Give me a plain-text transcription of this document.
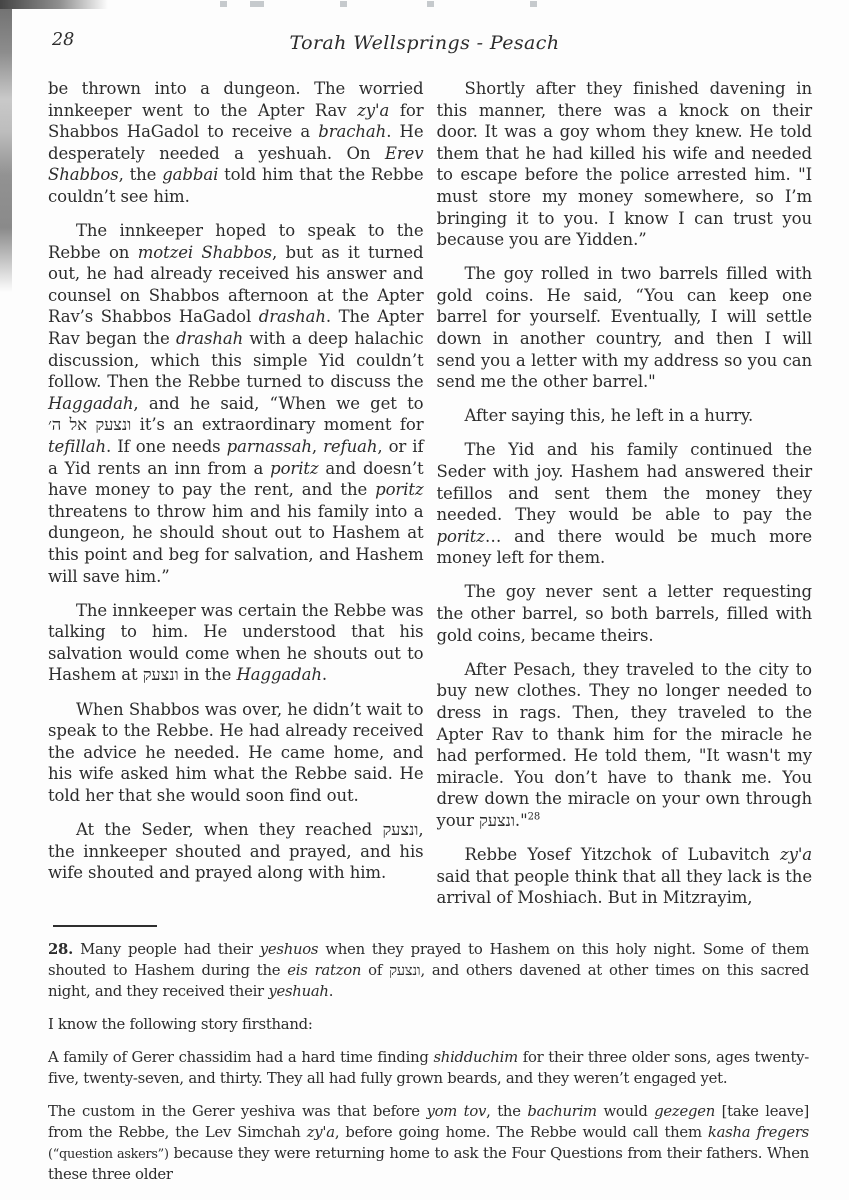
28	Torah Wellsprings - Pesach

be thrown into a dungeon. The worried innkeeper went to the Apter Rav zy'a for Shabbos HaGadol to receive a brachah. He desperately needed a yeshuah. On Erev Shabbos, the gabbai told him that the Rebbe couldn’t see him.

The innkeeper hoped to speak to the Rebbe on motzei Shabbos, but as it turned out, he had already received his answer and counsel on Shabbos afternoon at the Apter Rav’s Shabbos HaGadol drashah. The Apter Rav began the drashah with a deep halachic discussion, which this simple Yid couldn’t follow. Then the Rebbe turned to discuss the Haggadah, and he said, “When we get to ונצעק אל ה׳ it’s an extraordinary moment for tefillah. If one needs parnassah, refuah, or if a Yid rents an inn from a poritz and doesn’t have money to pay the rent, and the poritz threatens to throw him and his family into a dungeon, he should shout out to Hashem at this point and beg for salvation, and Hashem will save him.”

The innkeeper was certain the Rebbe was talking to him. He understood that his salvation would come when he shouts out to Hashem at ונצעק in the Haggadah.

When Shabbos was over, he didn’t wait to speak to the Rebbe. He had already received the advice he needed. He came home, and his wife asked him what the Rebbe said. He told her that she would soon find out.

At the Seder, when they reached ונצעק, the innkeeper shouted and prayed, and his wife shouted and prayed along with him.

Shortly after they finished davening in this manner, there was a knock on their door. It was a goy whom they knew. He told them that he had killed his wife and needed to escape before the police arrested him. "I must store my money somewhere, so I’m bringing it to you. I know I can trust you because you are Yidden.”

The goy rolled in two barrels filled with gold coins. He said, “You can keep one barrel for yourself. Eventually, I will settle down in another country, and then I will send you a letter with my address so you can send me the other barrel."

After saying this, he left in a hurry.

The Yid and his family continued the Seder with joy. Hashem had answered their tefillos and sent them the money they needed. They would be able to pay the poritz… and there would be much more money left for them.

The goy never sent a letter requesting the other barrel, so both barrels, filled with gold coins, became theirs.

After Pesach, they traveled to the city to buy new clothes. They no longer needed to dress in rags. Then, they traveled to the Apter Rav to thank him for the miracle he had performed. He told them, "It wasn't my miracle. You don’t have to thank me. You drew down the miracle on your own through your ונצעק‎."$^{28}$

Rebbe Yosef Yitzchok of Lubavitch zy'a said that people think that all they lack is the arrival of Moshiach. But in Mitzrayim,

28. Many people had their yeshuos when they prayed to Hashem on this holy night. Some of them shouted to Hashem during the eis ratzon of ונצעק, and others davened at other times on this sacred night, and they received their yeshuah.

I know the following story firsthand:

A family of Gerer chassidim had a hard time finding shidduchim for their three older sons, ages twenty-five, twenty-seven, and thirty. They all had fully grown beards, and they weren’t engaged yet.

The custom in the Gerer yeshiva was that before yom tov, the bachurim would gezegen [take leave] from the Rebbe, the Lev Simchah zy'a, before going home. The Rebbe would call them kasha fregers (“question askers”) because they were returning home to ask the Four Questions from their fathers. When these three older
